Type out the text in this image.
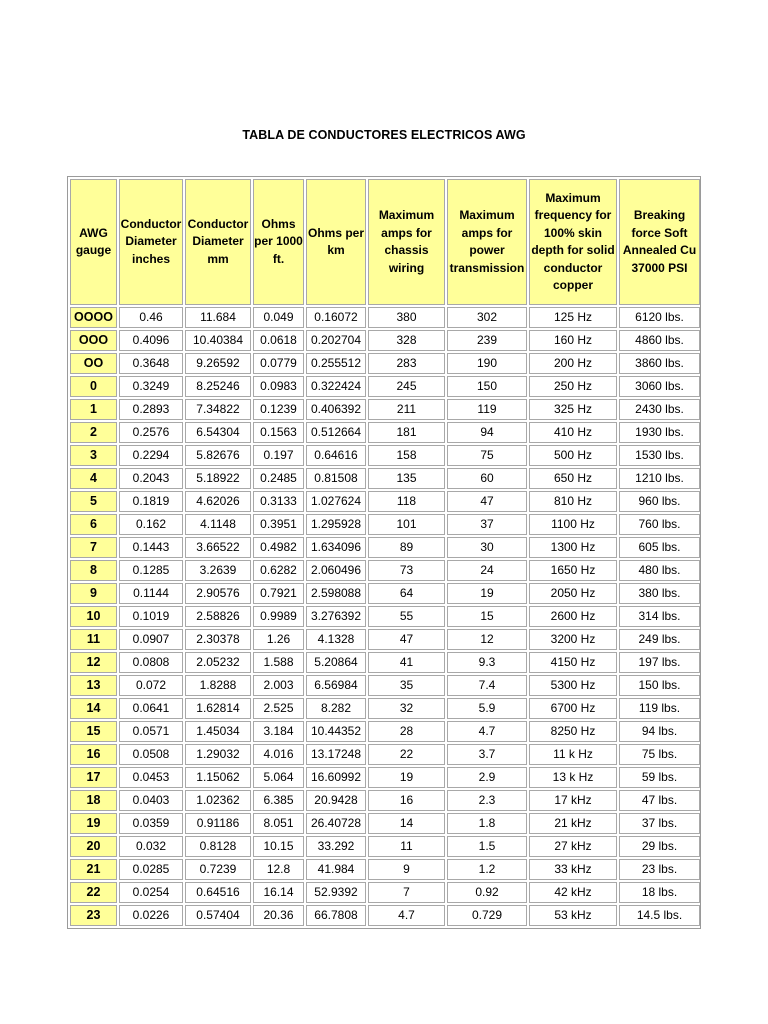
TABLA DE CONDUCTORES ELECTRICOS AWG
AWG gauge	Conductor Diameter inches	Conductor Diameter mm	Ohms per 1000 ft.	Ohms per km	Maximum amps for chassis wiring	Maximum amps for power transmission	Maximum frequency for 100% skin depth for solid conductor copper	Breaking force Soft Annealed Cu 37000 PSI
OOOO	0.46	11.684	0.049	0.16072	380	302	125 Hz	6120 lbs.
OOO	0.4096	10.40384	0.0618	0.202704	328	239	160 Hz	4860 lbs.
OO	0.3648	9.26592	0.0779	0.255512	283	190	200 Hz	3860 lbs.
0	0.3249	8.25246	0.0983	0.322424	245	150	250 Hz	3060 lbs.
1	0.2893	7.34822	0.1239	0.406392	211	119	325 Hz	2430 lbs.
2	0.2576	6.54304	0.1563	0.512664	181	94	410 Hz	1930 lbs.
3	0.2294	5.82676	0.197	0.64616	158	75	500 Hz	1530 lbs.
4	0.2043	5.18922	0.2485	0.81508	135	60	650 Hz	1210 lbs.
5	0.1819	4.62026	0.3133	1.027624	118	47	810 Hz	960 lbs.
6	0.162	4.1148	0.3951	1.295928	101	37	1100 Hz	760 lbs.
7	0.1443	3.66522	0.4982	1.634096	89	30	1300 Hz	605 lbs.
8	0.1285	3.2639	0.6282	2.060496	73	24	1650 Hz	480 lbs.
9	0.1144	2.90576	0.7921	2.598088	64	19	2050 Hz	380 lbs.
10	0.1019	2.58826	0.9989	3.276392	55	15	2600 Hz	314 lbs.
11	0.0907	2.30378	1.26	4.1328	47	12	3200 Hz	249 lbs.
12	0.0808	2.05232	1.588	5.20864	41	9.3	4150 Hz	197 lbs.
13	0.072	1.8288	2.003	6.56984	35	7.4	5300 Hz	150 lbs.
14	0.0641	1.62814	2.525	8.282	32	5.9	6700 Hz	119 lbs.
15	0.0571	1.45034	3.184	10.44352	28	4.7	8250 Hz	94 lbs.
16	0.0508	1.29032	4.016	13.17248	22	3.7	11 k Hz	75 lbs.
17	0.0453	1.15062	5.064	16.60992	19	2.9	13 k Hz	59 lbs.
18	0.0403	1.02362	6.385	20.9428	16	2.3	17 kHz	47 lbs.
19	0.0359	0.91186	8.051	26.40728	14	1.8	21 kHz	37 lbs.
20	0.032	0.8128	10.15	33.292	11	1.5	27 kHz	29 lbs.
21	0.0285	0.7239	12.8	41.984	9	1.2	33 kHz	23 lbs.
22	0.0254	0.64516	16.14	52.9392	7	0.92	42 kHz	18 lbs.
23	0.0226	0.57404	20.36	66.7808	4.7	0.729	53 kHz	14.5 lbs.
